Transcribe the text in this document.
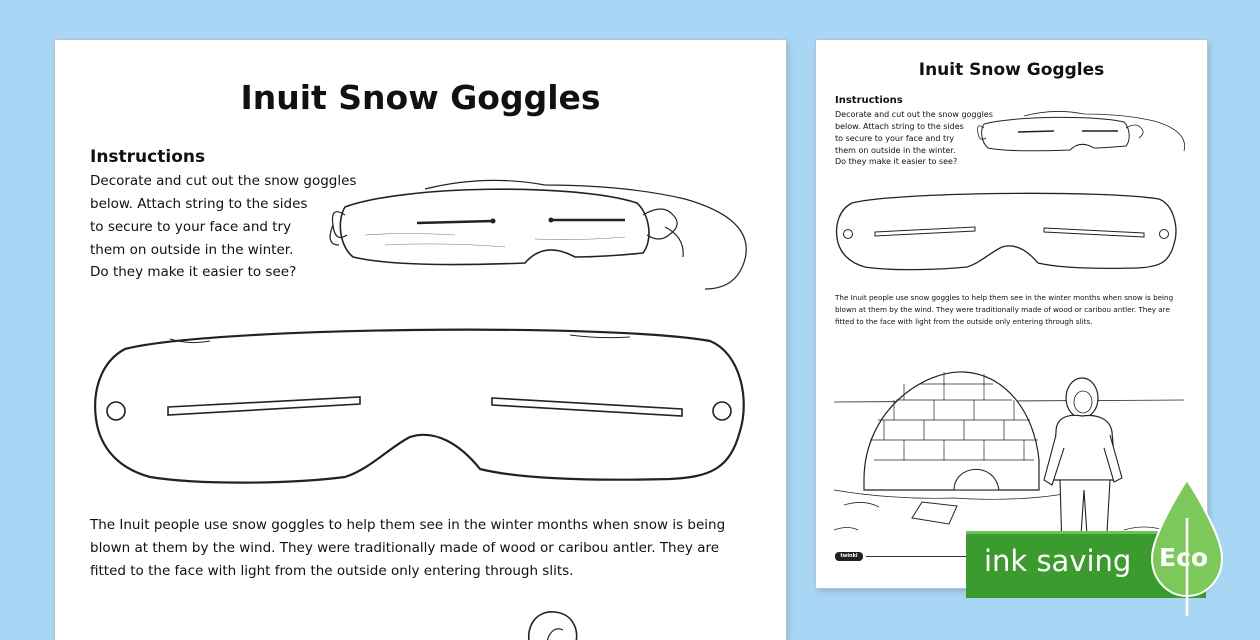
Inuit Snow Goggles
Instructions
Decorate and cut out the snow goggles
below. Attach string to the sides
to secure to your face and try
them on outside in the winter.
Do they make it easier to see?
The Inuit people use snow goggles to help them see in the winter months when snow is being
blown at them by the wind. They were traditionally made of wood or caribou antler. They are
fitted to the face with light from the outside only entering through slits.
Inuit Snow Goggles
Instructions
Decorate and cut out the snow goggles
below. Attach string to the sides
to secure to your face and try
them on outside in the winter.
Do they make it easier to see?
The Inuit people use snow goggles to help them see in the winter months when snow is being
blown at them by the wind. They were traditionally made of wood or caribou antler. They are
fitted to the face with light from the outside only entering through slits.
twinkl	ink saving Eco
